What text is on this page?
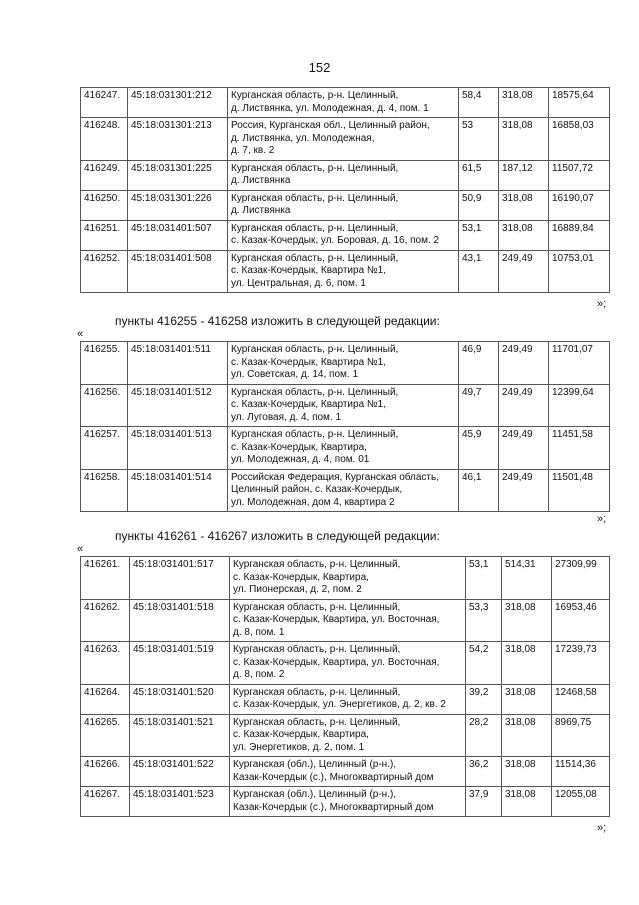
152
416247.	45:18:031301:212	Курганская область, р-н. Целинный,
д. Листвянка, ул. Молодежная, д. 4, пом. 1	58,4	318,08	18575,64
416248.	45:18:031301:213	Россия, Курганская обл., Целинный район,
д. Листвянка, ул. Молодежная,
д. 7, кв. 2	53	318,08	16858,03
416249.	45:18:031301:225	Курганская область, р-н. Целинный,
д. Листвянка	61,5	187,12	11507,72
416250.	45:18:031301:226	Курганская область, р-н. Целинный,
д. Листвянка	50,9	318,08	16190,07
416251.	45:18:031401:507	Курганская область, р-н. Целинный,
с. Казак-Кочердык, ул. Боровая, д. 16, пом. 2	53,1	318,08	16889,84
416252.	45:18:031401:508	Курганская область, р-н. Целинный,
с. Казак-Кочердык, Квартира №1,
ул. Центральная, д. 6, пом. 1	43,1	249,49	10753,01
»;
пункты 416255 - 416258 изложить в следующей редакции:
«
416255.	45:18:031401:511	Курганская область, р-н. Целинный,
с. Казак-Кочердык, Квартира №1,
ул. Советская, д. 14, пом. 1	46,9	249,49	11701,07
416256.	45:18:031401:512	Курганская область, р-н. Целинный,
с. Казак-Кочердык, Квартира №1,
ул. Луговая, д. 4, пом. 1	49,7	249,49	12399,64
416257.	45:18:031401:513	Курганская область, р-н. Целинный,
с. Казак-Кочердык, Квартира,
ул. Молодежная, д. 4, пом. 01	45,9	249,49	11451,58
416258.	45:18:031401:514	Российская Федерация, Курганская область,
Целинный район, с. Казак-Кочердык,
ул. Молодежная, дом 4, квартира 2	46,1	249,49	11501,48
»;
пункты 416261 - 416267 изложить в следующей редакции:
«
416261.	45:18:031401:517	Курганская область, р-н. Целинный,
с. Казак-Кочердык, Квартира,
ул. Пионерская, д. 2, пом. 2	53,1	514,31	27309,99
416262.	45:18:031401:518	Курганская область, р-н. Целинный,
с. Казак-Кочердык, Квартира, ул. Восточная,
д. 8, пом. 1	53,3	318,08	16953,46
416263.	45:18:031401:519	Курганская область, р-н. Целинный,
с. Казак-Кочердык, Квартира, ул. Восточная,
д. 8, пом. 2	54,2	318,08	17239,73
416264.	45:18:031401:520	Курганская область, р-н. Целинный,
с. Казак-Кочердык, ул. Энергетиков, д. 2, кв. 2	39,2	318,08	12468,58
416265.	45:18:031401:521	Курганская область, р-н. Целинный,
с. Казак-Кочердык, Квартира,
ул. Энергетиков, д. 2, пом. 1	28,2	318,08	8969,75
416266.	45:18:031401:522	Курганская (обл.), Целинный (р-н.),
Казак-Кочердык (с.), Многоквартирный дом	36,2	318,08	11514,36
416267.	45:18:031401:523	Курганская (обл.), Целинный (р-н.),
Казак-Кочердык (с.), Многоквартирный дом	37,9	318,08	12055,08
»;
